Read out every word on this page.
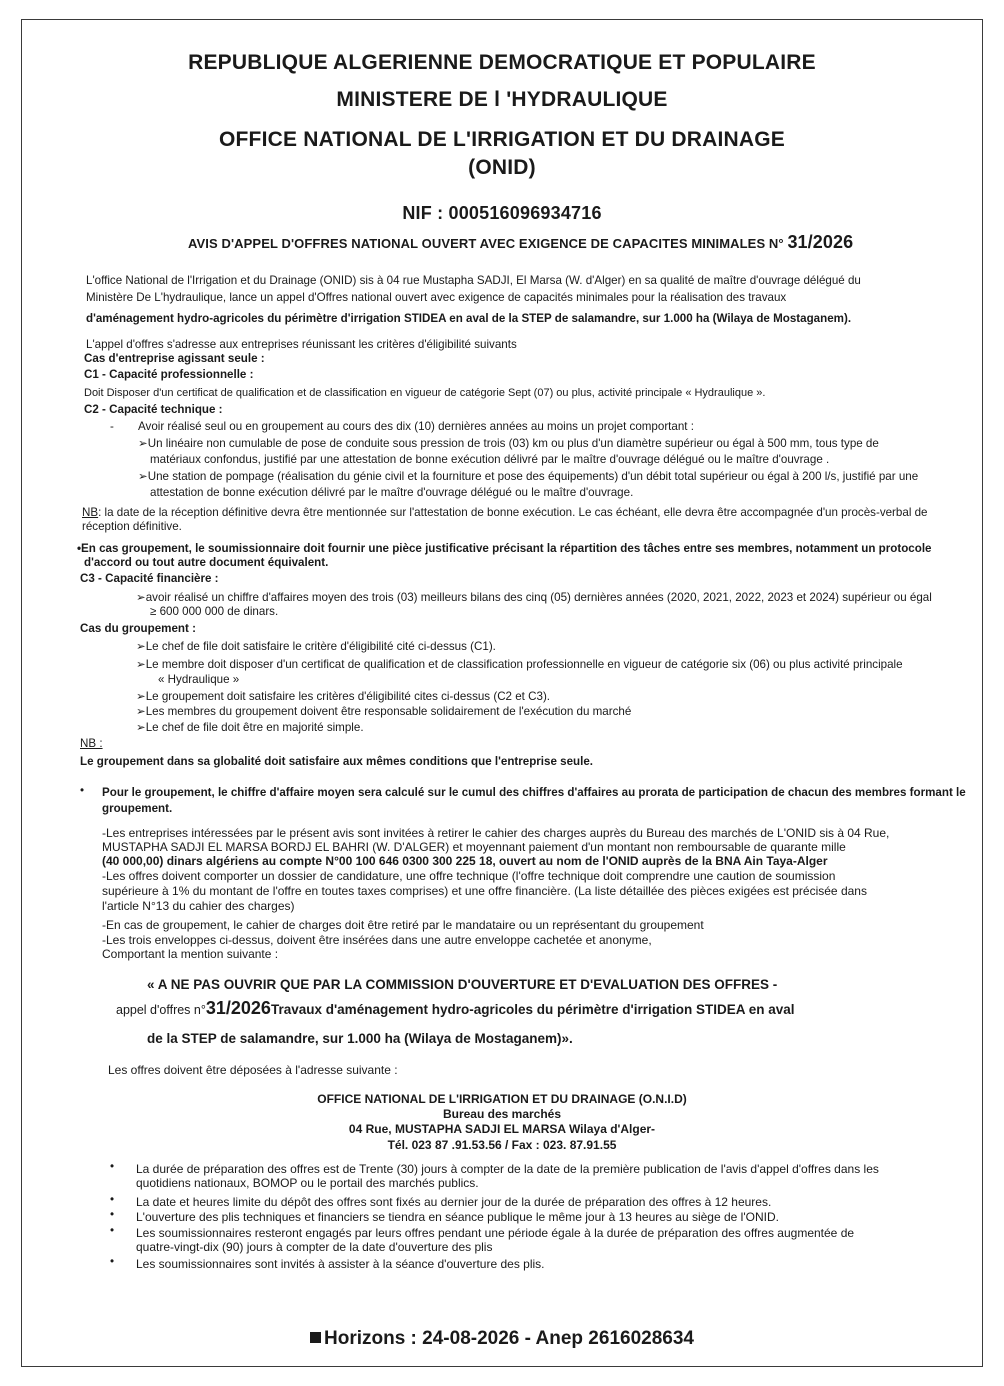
REPUBLIQUE ALGERIENNE DEMOCRATIQUE ET POPULAIRE
MINISTERE DE l 'HYDRAULIQUE
OFFICE NATIONAL DE L'IRRIGATION ET DU DRAINAGE
(ONID)
NIF : 000516096934716
AVIS D'APPEL D'OFFRES NATIONAL OUVERT AVEC EXIGENCE DE CAPACITES MINIMALES N° 31/2026
L'office National de l'Irrigation et du Drainage (ONID) sis à 04 rue Mustapha SADJI, El Marsa (W. d'Alger) en sa qualité de maître d'ouvrage délégué du
Ministère De L'hydraulique, lance un appel d'Offres national ouvert avec exigence de capacités minimales pour la réalisation des travaux
d'aménagement hydro-agricoles du périmètre d'irrigation STIDEA en aval de la STEP de salamandre, sur 1.000 ha (Wilaya de Mostaganem).
L'appel d'offres s'adresse aux entreprises réunissant les critères d'éligibilité suivants
Cas d'entreprise agissant seule :
C1 - Capacité professionnelle :
Doit Disposer d'un certificat de qualification et de classification en vigueur de catégorie Sept (07) ou plus, activité principale « Hydraulique ».
C2 - Capacité technique :
- Avoir réalisé seul ou en groupement au cours des dix (10) dernières années au moins un projet comportant :
➢Un linéaire non cumulable de pose de conduite sous pression de trois (03) km ou plus d'un diamètre supérieur ou égal à 500 mm, tous type de
matériaux confondus, justifié par une attestation de bonne exécution délivré par le maître d'ouvrage délégué ou le maître d'ouvrage .
➢Une station de pompage (réalisation du génie civil et la fourniture et pose des équipements) d'un débit total supérieur ou égal à 200 l/s, justifié par une
attestation de bonne exécution délivré par le maître d'ouvrage délégué ou le maître d'ouvrage.
NB: la date de la réception définitive devra être mentionnée sur l'attestation de bonne exécution. Le cas échéant, elle devra être accompagnée d'un procès-verbal de
réception définitive.
•En cas groupement, le soumissionnaire doit fournir une pièce justificative précisant la répartition des tâches entre ses membres, notamment un protocole
d'accord ou tout autre document équivalent.
C3 - Capacité financière :
➢avoir réalisé un chiffre d'affaires moyen des trois (03) meilleurs bilans des cinq (05) dernières années (2020, 2021, 2022, 2023 et 2024) supérieur ou égal
≥ 600 000 000 de dinars.
Cas du groupement :
➢Le chef de file doit satisfaire le critère d'éligibilité cité ci-dessus (C1).
➢Le membre doit disposer d'un certificat de qualification et de classification professionnelle en vigueur de catégorie six (06) ou plus activité principale
« Hydraulique »
➢Le groupement doit satisfaire les critères d'éligibilité cites ci-dessus (C2 et C3).
➢Les membres du groupement doivent être responsable solidairement de l'exécution du marché
➢Le chef de file doit être en majorité simple.
NB :
Le groupement dans sa globalité doit satisfaire aux mêmes conditions que l'entreprise seule.
• Pour le groupement, le chiffre d'affaire moyen sera calculé sur le cumul des chiffres d'affaires au prorata de participation de chacun des membres formant le
groupement.
-Les entreprises intéressées par le présent avis sont invitées à retirer le cahier des charges auprès du Bureau des marchés de L'ONID sis à 04 Rue,
MUSTAPHA SADJI EL MARSA BORDJ EL BAHRI (W. D'ALGER) et moyennant paiement d'un montant non remboursable de quarante mille
(40 000,00) dinars algériens au compte N°00 100 646 0300 300 225 18, ouvert au nom de l'ONID auprès de la BNA Ain Taya-Alger
-Les offres doivent comporter un dossier de candidature, une offre technique (l'offre technique doit comprendre une caution de soumission
supérieure à 1% du montant de l'offre en toutes taxes comprises) et une offre financière. (La liste détaillée des pièces exigées est précisée dans
l'article N°13 du cahier des charges)
-En cas de groupement, le cahier de charges doit être retiré par le mandataire ou un représentant du groupement
-Les trois enveloppes ci-dessus, doivent être insérées dans une autre enveloppe cachetée et anonyme,
Comportant la mention suivante :
« A NE PAS OUVRIR QUE PAR LA COMMISSION D'OUVERTURE ET D'EVALUATION DES OFFRES -
appel d'offres n°31/2026Travaux d'aménagement hydro-agricoles du périmètre d'irrigation STIDEA en aval
de la STEP de salamandre, sur 1.000 ha (Wilaya de Mostaganem)».
Les offres doivent être déposées à l'adresse suivante :
OFFICE NATIONAL DE L'IRRIGATION ET DU DRAINAGE (O.N.I.D)
Bureau des marchés
04 Rue, MUSTAPHA SADJI EL MARSA Wilaya d'Alger-
Tél. 023 87 .91.53.56 / Fax : 023. 87.91.55
• La durée de préparation des offres est de Trente (30) jours à compter de la date de la première publication de l'avis d'appel d'offres dans les
quotidiens nationaux, BOMOP ou le portail des marchés publics.
• La date et heures limite du dépôt des offres sont fixés au dernier jour de la durée de préparation des offres à 12 heures.
• L'ouverture des plis techniques et financiers se tiendra en séance publique le même jour à 13 heures au siège de l'ONID.
• Les soumissionnaires resteront engagés par leurs offres pendant une période égale à la durée de préparation des offres augmentée de
quatre-vingt-dix (90) jours à compter de la date d'ouverture des plis
• Les soumissionnaires sont invités à assister à la séance d'ouverture des plis.
Horizons : 24-08-2026 - Anep 2616028634
